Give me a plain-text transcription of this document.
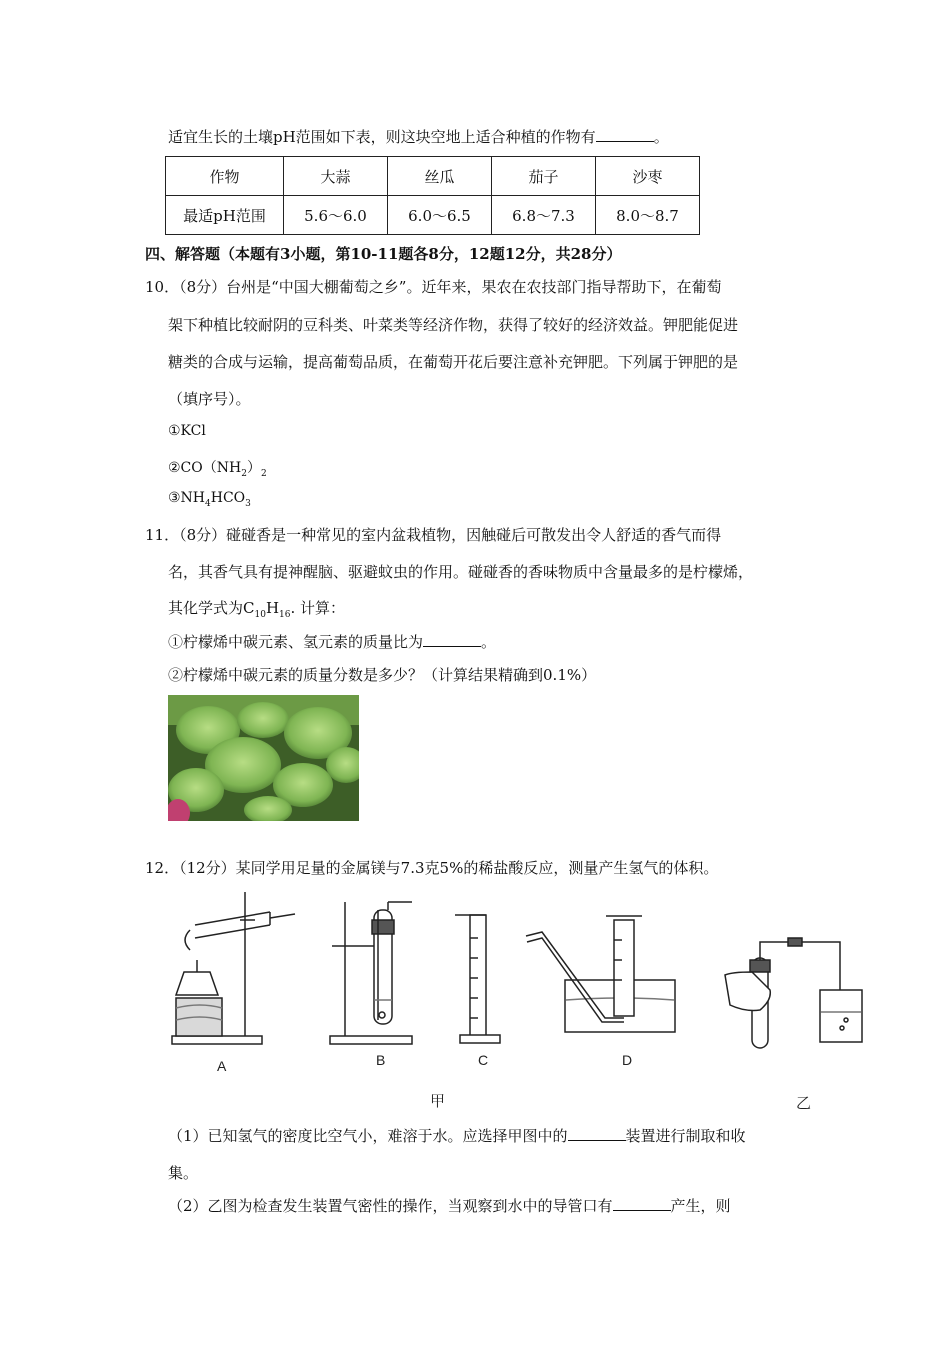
适宜生长的土壤pH范围如下表，则这块空地上适合种植的作物有	。
作物	大蒜	丝瓜	茄子	沙枣
最适pH范围	5.6～6.0	6.0～6.5	6.8～7.3	8.0～8.7
四、解答题（本题有3小题，第10-11题各8分，12题12分，共28分）
10．（8分）台州是“中国大棚葡萄之乡”。近年来，果农在农技部门指导帮助下，在葡萄
架下种植比较耐阴的豆科类、叶菜类等经济作物，获得了较好的经济效益。钾肥能促进
糖类的合成与运输，提高葡萄品质，在葡萄开花后要注意补充钾肥。下列属于钾肥的是
（填序号）。
①KCl
$②CO(NH_2)_2$
$③NH_4HCO_3$
11．（8分）碰碰香是一种常见的室内盆栽植物，因触碰后可散发出令人舒适的香气而得
名，其香气具有提神醒脑、驱避蚊虫的作用。碰碰香的香味物质中含量最多的是柠檬烯，
其化学式为$C_{10}H_{16}$. 计算：
①柠檬烯中碳元素、氢元素的质量比为	。
②柠檬烯中碳元素的质量分数是多少？（计算结果精确到0.1%）
12．（12分）某同学用足量的金属镁与7.3克5%的稀盐酸反应，测量产生氢气的体积。
A	B	C	D
甲	乙
（1）已知氢气的密度比空气小，难溶于水。应选择甲图中的	装置进行制取和收
集。
（2）乙图为检查发生装置气密性的操作，当观察到水中的导管口有	产生，则
